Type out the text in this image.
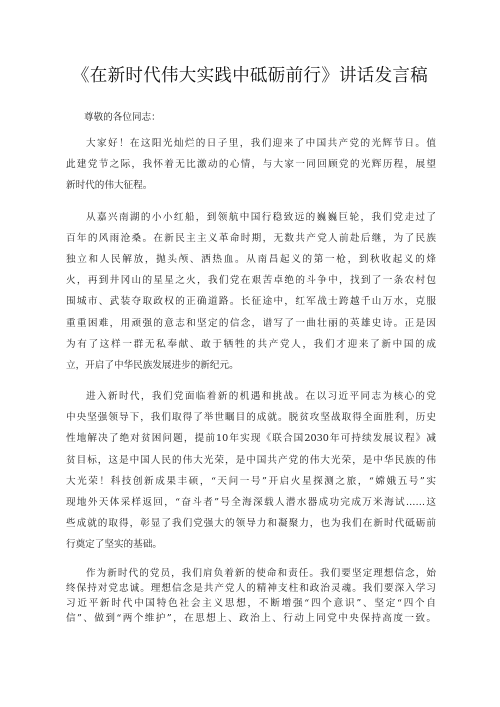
《在新时代伟大实践中砥砺前行》讲话发言稿
尊敬的各位同志：
大家好！在这阳光灿烂的日子里，我们迎来了中国共产党的光辉节日。值
此建党节之际，我怀着无比激动的心情，与大家一同回顾党的光辉历程，展望
新时代的伟大征程。
从嘉兴南湖的小小红船，到领航中国行稳致远的巍巍巨轮，我们党走过了
百年的风雨沧桑。在新民主主义革命时期，无数共产党人前赴后继，为了民族
独立和人民解放，抛头颅、洒热血。从南昌起义的第一枪，到秋收起义的烽
火，再到井冈山的星星之火，我们党在艰苦卓绝的斗争中，找到了一条农村包
围城市、武装夺取政权的正确道路。长征途中，红军战士跨越千山万水，克服
重重困难，用顽强的意志和坚定的信念，谱写了一曲壮丽的英雄史诗。正是因
为有了这样一群无私奉献、敢于牺牲的共产党人，我们才迎来了新中国的成
立，开启了中华民族发展进步的新纪元。
进入新时代，我们党面临着新的机遇和挑战。在以习近平同志为核心的党
中央坚强领导下，我们取得了举世瞩目的成就。脱贫攻坚战取得全面胜利，历史
性地解决了绝对贫困问题，提前10年实现《联合国2030年可持续发展议程》减
贫目标，这是中国人民的伟大光荣，是中国共产党的伟大光荣，是中华民族的伟
大光荣！科技创新成果丰硕，“天问一号”开启火星探测之旅，“嫦娥五号”实
现地外天体采样返回，“奋斗者”号全海深载人潜水器成功完成万米海试……这
些成就的取得，彰显了我们党强大的领导力和凝聚力，也为我们在新时代砥砺前
行奠定了坚实的基础。
作为新时代的党员，我们肩负着新的使命和责任。我们要坚定理想信念，始
终保持对党忠诚。理想信念是共产党人的精神支柱和政治灵魂。我们要深入学习
习近平新时代中国特色社会主义思想，不断增强“四个意识”、坚定“四个自
信”、做到“两个维护”，在思想上、政治上、行动上同党中央保持高度一致。
